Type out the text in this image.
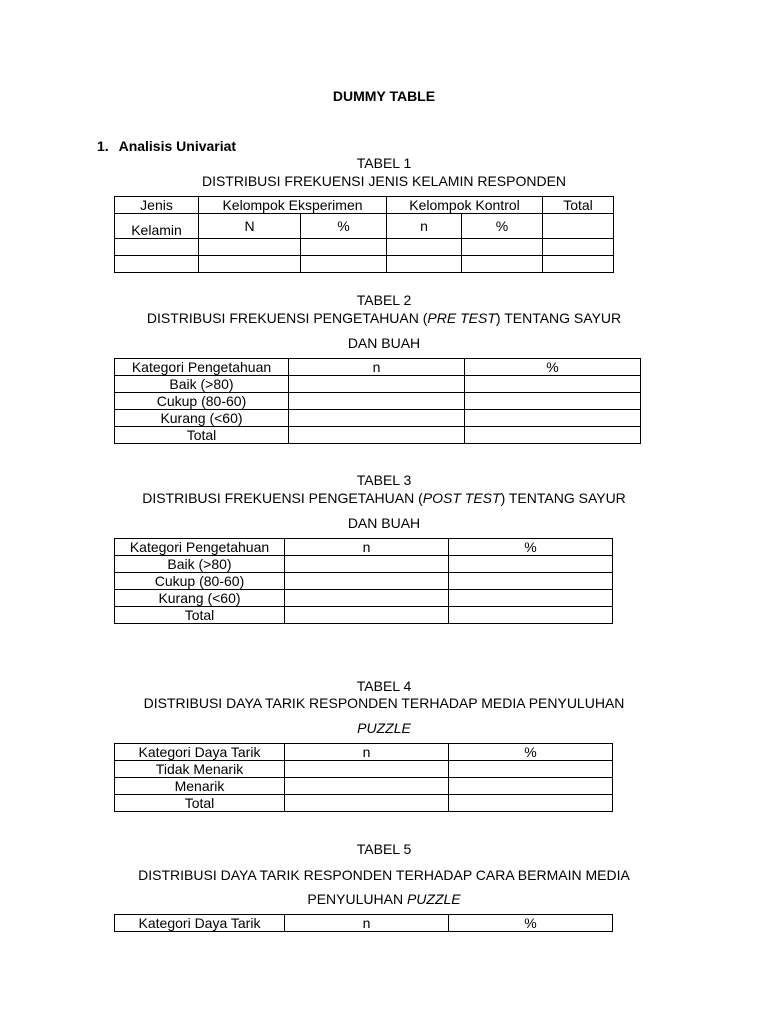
DUMMY TABLE
1. Analisis Univariat
TABEL 1
DISTRIBUSI FREKUENSI JENIS KELAMIN RESPONDEN
Jenis	Kelompok Eksperimen		Kelompok Kontrol		Total
Kelamin	N	%	n	%	

TABEL 2
DISTRIBUSI FREKUENSI PENGETAHUAN (PRE TEST) TENTANG SAYUR
DAN BUAH
Kategori Pengetahuan	n	%
Baik (>80)		
Cukup (80-60)		
Kurang (<60)		
Total		
TABEL 3
DISTRIBUSI FREKUENSI PENGETAHUAN (POST TEST) TENTANG SAYUR
DAN BUAH
Kategori Pengetahuan	n	%
Baik (>80)		
Cukup (80-60)		
Kurang (<60)		
Total		
TABEL 4
DISTRIBUSI DAYA TARIK RESPONDEN TERHADAP MEDIA PENYULUHAN
PUZZLE
Kategori Daya Tarik	n	%
Tidak Menarik		
Menarik		
Total		
TABEL 5
DISTRIBUSI DAYA TARIK RESPONDEN TERHADAP CARA BERMAIN MEDIA
PENYULUHAN PUZZLE
Kategori Daya Tarik	n	%
